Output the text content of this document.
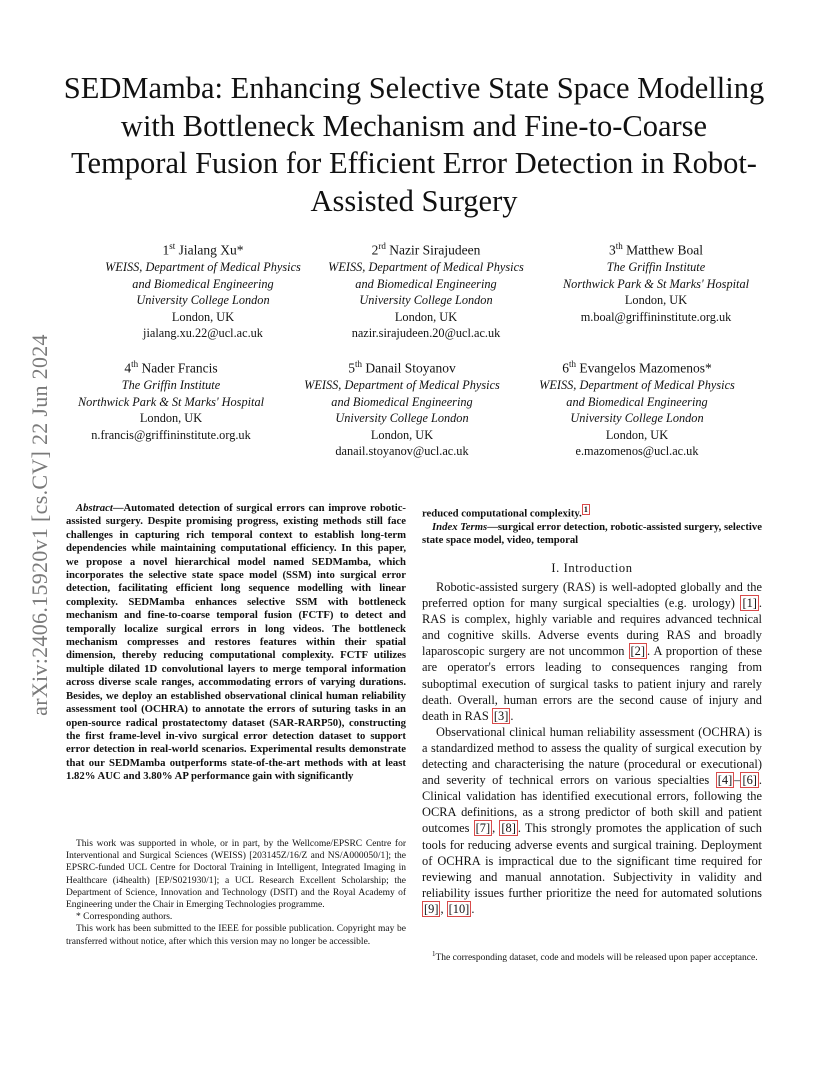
arXiv:2406.15920v1 [cs.CV] 22 Jun 2024
SEDMamba: Enhancing Selective State Space Modelling with Bottleneck Mechanism and Fine-to-Coarse Temporal Fusion for Efficient Error Detection in Robot-Assisted Surgery
1st Jialang Xu*
WEISS, Department of Medical Physics
and Biomedical Engineering
University College London
London, UK
jialang.xu.22@ucl.ac.uk
2rd Nazir Sirajudeen
WEISS, Department of Medical Physics
and Biomedical Engineering
University College London
London, UK
nazir.sirajudeen.20@ucl.ac.uk
3th Matthew Boal
The Griffin Institute
Northwick Park & St Marks' Hospital
London, UK
m.boal@griffininstitute.org.uk
4th Nader Francis
The Griffin Institute
Northwick Park & St Marks' Hospital
London, UK
n.francis@griffininstitute.org.uk
5th Danail Stoyanov
WEISS, Department of Medical Physics
and Biomedical Engineering
University College London
London, UK
danail.stoyanov@ucl.ac.uk
6th Evangelos Mazomenos*
WEISS, Department of Medical Physics
and Biomedical Engineering
University College London
London, UK
e.mazomenos@ucl.ac.uk
Abstract—Automated detection of surgical errors can improve robotic-assisted surgery. Despite promising progress, existing methods still face challenges in capturing rich temporal context to establish long-term dependencies while maintaining computational efficiency. In this paper, we propose a novel hierarchical model named SEDMamba, which incorporates the selective state space model (SSM) into surgical error detection, facilitating efficient long sequence modelling with linear complexity. SEDMamba enhances selective SSM with bottleneck mechanism and fine-to-coarse temporal fusion (FCTF) to detect and temporally localize surgical errors in long videos. The bottleneck mechanism compresses and restores features within their spatial dimension, thereby reducing computational complexity. FCTF utilizes multiple dilated 1D convolutional layers to merge temporal information across diverse scale ranges, accommodating errors of varying durations. Besides, we deploy an established observational clinical human reliability assessment tool (OCHRA) to annotate the errors of suturing tasks in an open-source radical prostatectomy dataset (SAR-RARP50), constructing the first frame-level in-vivo surgical error detection dataset to support error detection in real-world scenarios. Experimental results demonstrate that our SEDMamba outperforms state-of-the-art methods with at least 1.82% AUC and 3.80% AP performance gain with significantly

This work was supported in whole, or in part, by the Wellcome/EPSRC Centre for Interventional and Surgical Sciences (WEISS) [203145Z/16/Z and NS/A000050/1]; the EPSRC-funded UCL Centre for Doctoral Training in Intelligent, Integrated Imaging in Healthcare (i4health) [EP/S021930/1]; a UCL Research Excellent Scholarship; the Department of Science, Innovation and Technology (DSIT) and the Royal Academy of Engineering under the Chair in Emerging Technologies programme.

* Corresponding authors.

This work has been submitted to the IEEE for possible publication. Copyright may be transferred without notice, after which this version may no longer be accessible.

reduced computational complexity. $^1$

Index Terms—surgical error detection, robotic-assisted surgery, selective state space model, video, temporal

I. Introduction

Robotic-assisted surgery (RAS) is well-adopted globally and the preferred option for many surgical specialties (e.g. urology) [1] . RAS is complex, highly variable and requires advanced technical and cognitive skills. Adverse events during RAS and broadly laparoscopic surgery are not uncommon [2] . A proportion of these are operator's errors leading to consequences ranging from suboptimal execution of surgical tasks to patient injury and rarely death. Overall, human errors are the second cause of injury and death in RAS [3] .

Observational clinical human reliability assessment (OCHRA) is a standardized method to assess the quality of surgical execution by detecting and characterising the nature (procedural or executional) and severity of technical errors on various specialties [4] – [6] . Clinical validation has identified executional errors, following the OCRA definitions, as a strong predictor of both skill and patient outcomes [7] , [8] . This strongly promotes the application of such tools for reducing adverse events and surgical training. Deployment of OCHRA is impractical due to the significant time required for reviewing and manual annotation. Subjectivity in validity and reliability issues further prioritize the need for automated solutions [9] , [10] .

$^1$The corresponding dataset, code and models will be released upon paper acceptance.
